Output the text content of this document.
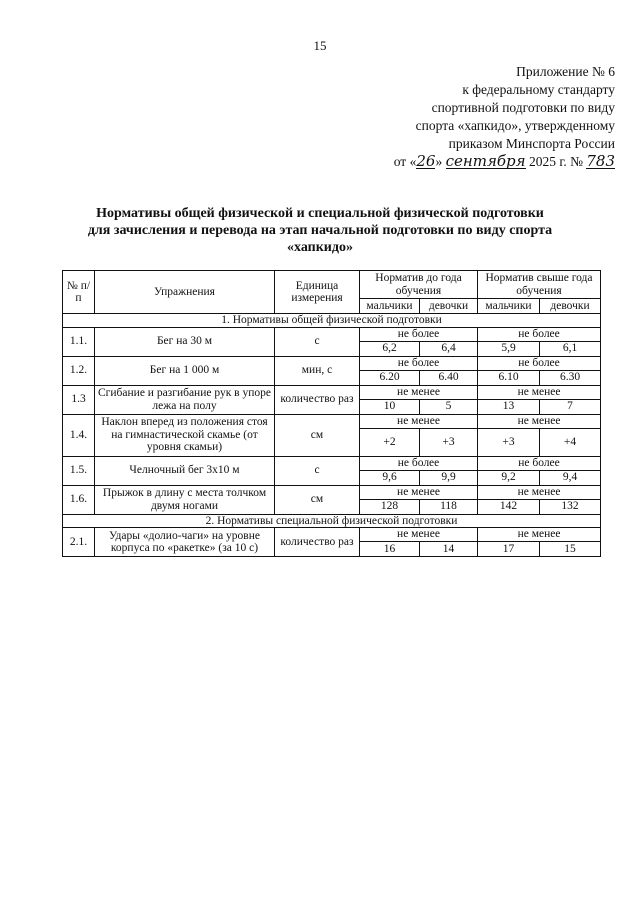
15
Приложение № 6
к федеральному стандарту
спортивной подготовки по виду
спорта «хапкидо», утвержденному
приказом Минспорта России
от «26» сентября 2025 г. № 783
Нормативы общей физической и специальной физической подготовки
для зачисления и перевода на этап начальной подготовки по виду спорта
«хапкидо»
№ п/п	Упражнения	Единица измерения	Норматив до года обучения		Норматив свыше года обучения	
			мальчики	девочки	мальчики	девочки
1. Нормативы общей физической подготовки						
1.1.	Бег на 30 м	с	не более		не более	
			6,2	6,4	5,9	6,1
1.2.	Бег на 1 000 м	мин, с	не более		не более	
			6.20	6.40	6.10	6.30
1.3	Сгибание и разгибание рук в упоре лежа на полу	количество раз	не менее		не менее	
			10	5	13	7
1.4.	Наклон вперед из положения стоя на гимнастической скамье (от уровня скамьи)	см	не менее		не менее	
			+2	+3	+3	+4
1.5.	Челночный бег 3х10 м	с	не более		не более	
			9,6	9,9	9,2	9,4
1.6.	Прыжок в длину с места толчком двумя ногами	см	не менее		не менее	
			128	118	142	132
2. Нормативы специальной физической подготовки						
2.1.	Удары «долио-чаги» на уровне корпуса по «ракетке» (за 10 с)	количество раз	не менее		не менее	
			16	14	17	15
